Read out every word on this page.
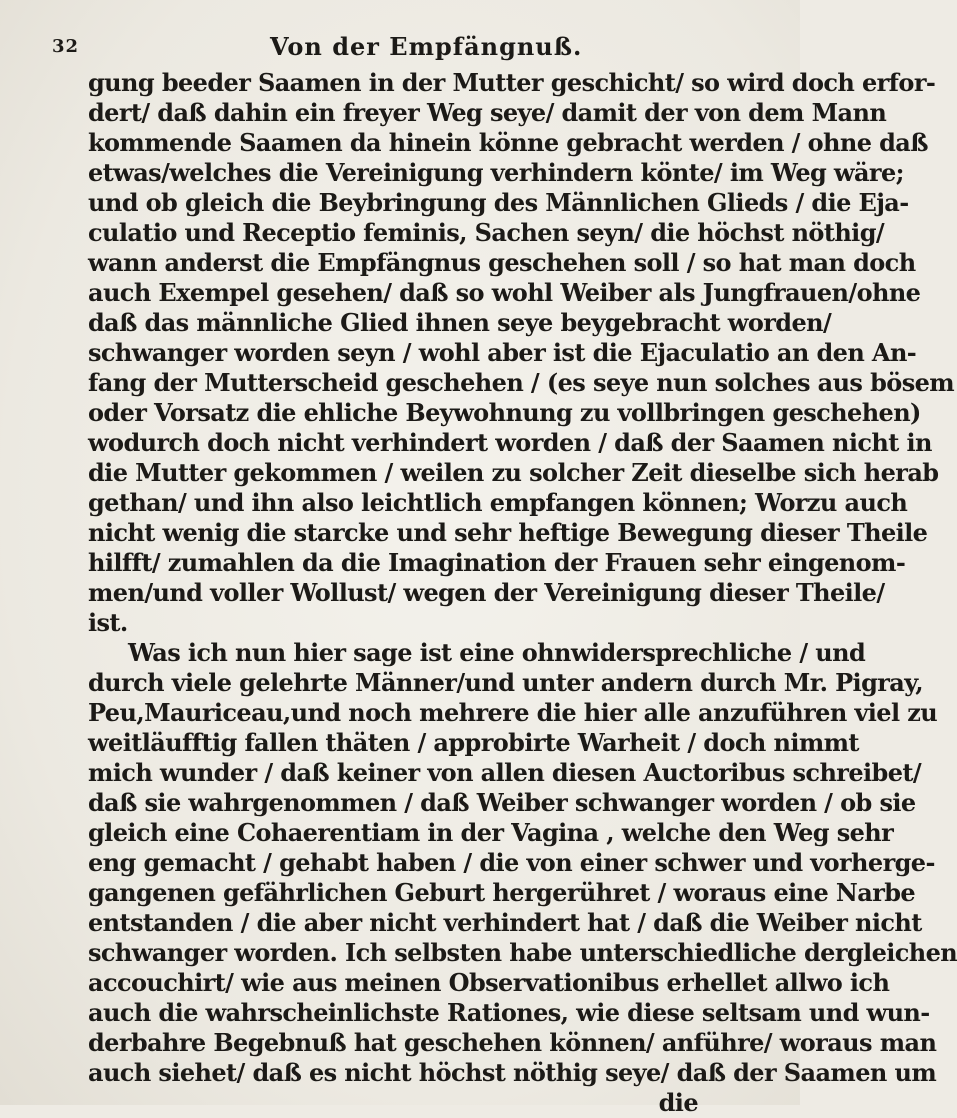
32	Von der Empfängnuß.
gung beeder Saamen in der Mutter geschicht/ so wird doch erfor-
dert/ daß dahin ein freyer Weg seye/ damit der von dem Mann
kommende Saamen da hinein könne gebracht werden / ohne daß
etwas/welches die Vereinigung verhindern könte/ im Weg wäre;
und ob gleich die Beybringung des Männlichen Glieds / die Eja-
culatio und Receptio feminis, Sachen seyn/ die höchst nöthig/
wann anderst die Empfängnus geschehen soll / so hat man doch
auch Exempel gesehen/ daß so wohl Weiber als Jungfrauen/ohne
daß das männliche Glied ihnen seye beygebracht worden/
schwanger worden seyn / wohl aber ist die Ejaculatio an den An-
fang der Mutterscheid geschehen / (es seye nun solches aus bösem
oder Vorsatz die ehliche Beywohnung zu vollbringen geschehen)
wodurch doch nicht verhindert worden / daß der Saamen nicht in
die Mutter gekommen / weilen zu solcher Zeit dieselbe sich herab
gethan/ und ihn also leichtlich empfangen können; Worzu auch
nicht wenig die starcke und sehr heftige Bewegung dieser Theile
hilfft/ zumahlen da die Imagination der Frauen sehr eingenom-
men/und voller Wollust/ wegen der Vereinigung dieser Theile/
ist.
Was ich nun hier sage ist eine ohnwidersprechliche / und
durch viele gelehrte Männer/und unter andern durch Mr. Pigray,
Peu,Mauriceau,und noch mehrere die hier alle anzuführen viel zu
weitläufftig fallen thäten / approbirte Warheit / doch nimmt
mich wunder / daß keiner von allen diesen Auctoribus schreibet/
daß sie wahrgenommen / daß Weiber schwanger worden / ob sie
gleich eine Cohaerentiam in der Vagina , welche den Weg sehr
eng gemacht / gehabt haben / die von einer schwer und vorherge-
gangenen gefährlichen Geburt hergerühret / woraus eine Narbe
entstanden / die aber nicht verhindert hat / daß die Weiber nicht
schwanger worden. Ich selbsten habe unterschiedliche dergleichen
accouchirt/ wie aus meinen Observationibus erhellet allwo ich
auch die wahrscheinlichste Rationes, wie diese seltsam und wun-
derbahre Begebnuß hat geschehen können/ anführe/ woraus man
auch siehet/ daß es nicht höchst nöthig seye/ daß der Saamen um
die
